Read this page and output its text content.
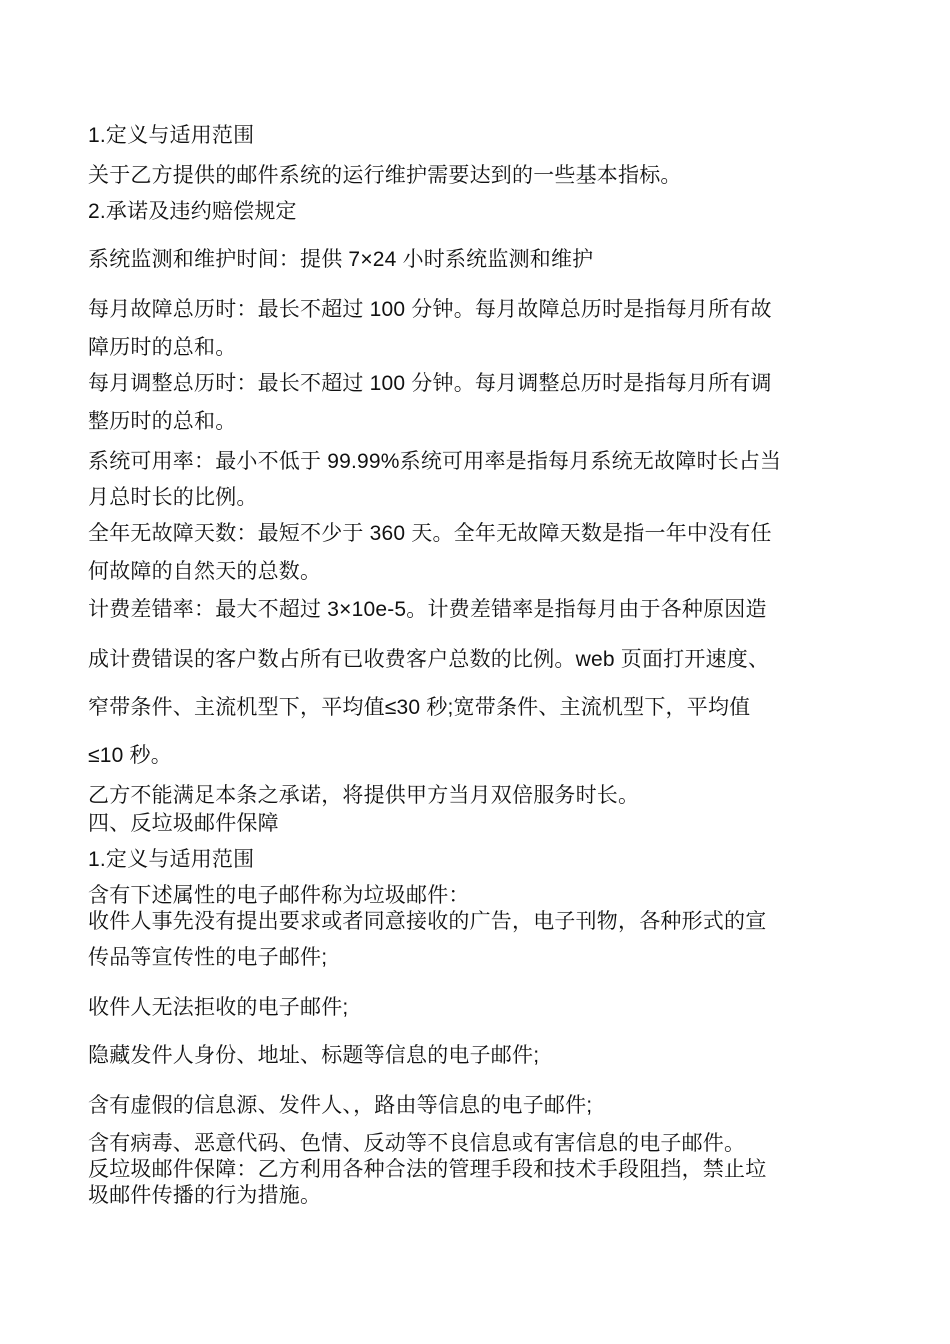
1.定义与适用范围
关于乙方提供的邮件系统的运行维护需要达到的一些基本指标。
2.承诺及违约赔偿规定
系统监测和维护时间：提供 7×24 小时系统监测和维护
每月故障总历时：最长不超过 100 分钟。每月故障总历时是指每月所有故
障历时的总和。
每月调整总历时：最长不超过 100 分钟。每月调整总历时是指每月所有调
整历时的总和。
系统可用率：最小不低于 99.99%系统可用率是指每月系统无故障时长占当
月总时长的比例。
全年无故障天数：最短不少于 360 天。全年无故障天数是指一年中没有任
何故障的自然天的总数。
计费差错率：最大不超过 3×10e-5。计费差错率是指每月由于各种原因造
成计费错误的客户数占所有已收费客户总数的比例。web 页面打开速度、
窄带条件、主流机型下，平均值≤30 秒;宽带条件、主流机型下，平均值
≤10 秒。
乙方不能满足本条之承诺，将提供甲方当月双倍服务时长。
四、反垃圾邮件保障
1.定义与适用范围
含有下述属性的电子邮件称为垃圾邮件：
收件人事先没有提出要求或者同意接收的广告，电子刊物，各种形式的宣
传品等宣传性的电子邮件;
收件人无法拒收的电子邮件;
隐藏发件人身份、地址、标题等信息的电子邮件;
含有虚假的信息源、发件人、，路由等信息的电子邮件;
含有病毒、恶意代码、色情、反动等不良信息或有害信息的电子邮件。
反垃圾邮件保障：乙方利用各种合法的管理手段和技术手段阻挡，禁止垃
圾邮件传播的行为措施。
